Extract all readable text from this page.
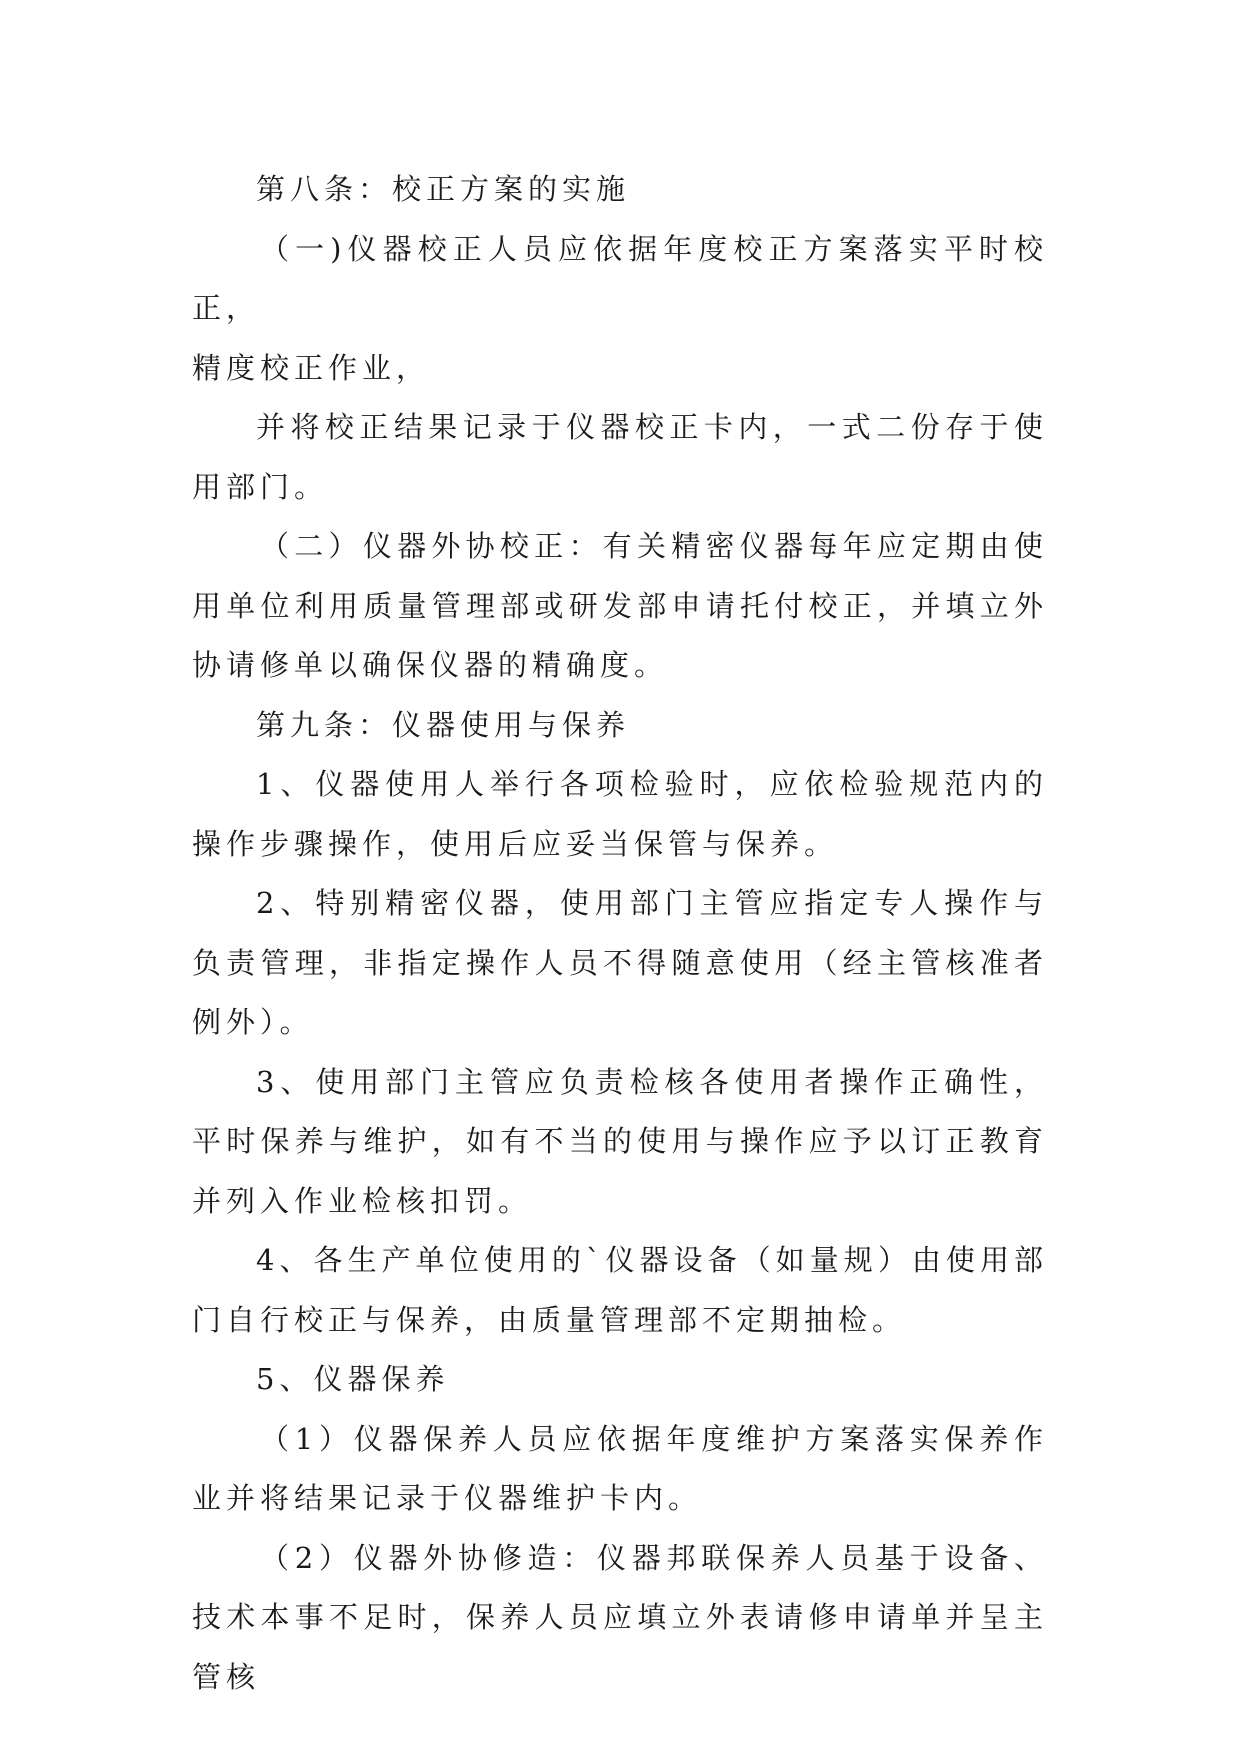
第八条：校正方案的实施

（一)仪器校正人员应依据年度校正方案落实平时校正，

精度校正作业，

并将校正结果记录于仪器校正卡内，一式二份存于使用部门。

（二）仪器外协校正：有关精密仪器每年应定期由使用单位利用质量管理部或研发部申请托付校正，并填立外协请修单以确保仪器的精确度。

第九条：仪器使用与保养

1、仪器使用人举行各项检验时，应依检验规范内的操作步骤操作，使用后应妥当保管与保养。

2、特别精密仪器，使用部门主管应指定专人操作与负责管理，非指定操作人员不得随意使用（经主管核准者例外）。

3、使用部门主管应负责检核各使用者操作正确性，平时保养与维护，如有不当的使用与操作应予以订正教育并列入作业检核扣罚。

4、各生产单位使用的`仪器设备（如量规）由使用部门自行校正与保养，由质量管理部不定期抽检。

5、仪器保养

（1）仪器保养人员应依据年度维护方案落实保养作业并将结果记录于仪器维护卡内。

（2）仪器外协修造：仪器邦联保养人员基于设备、技术本事不足时，保养人员应填立外表请修申请单并呈主管核
